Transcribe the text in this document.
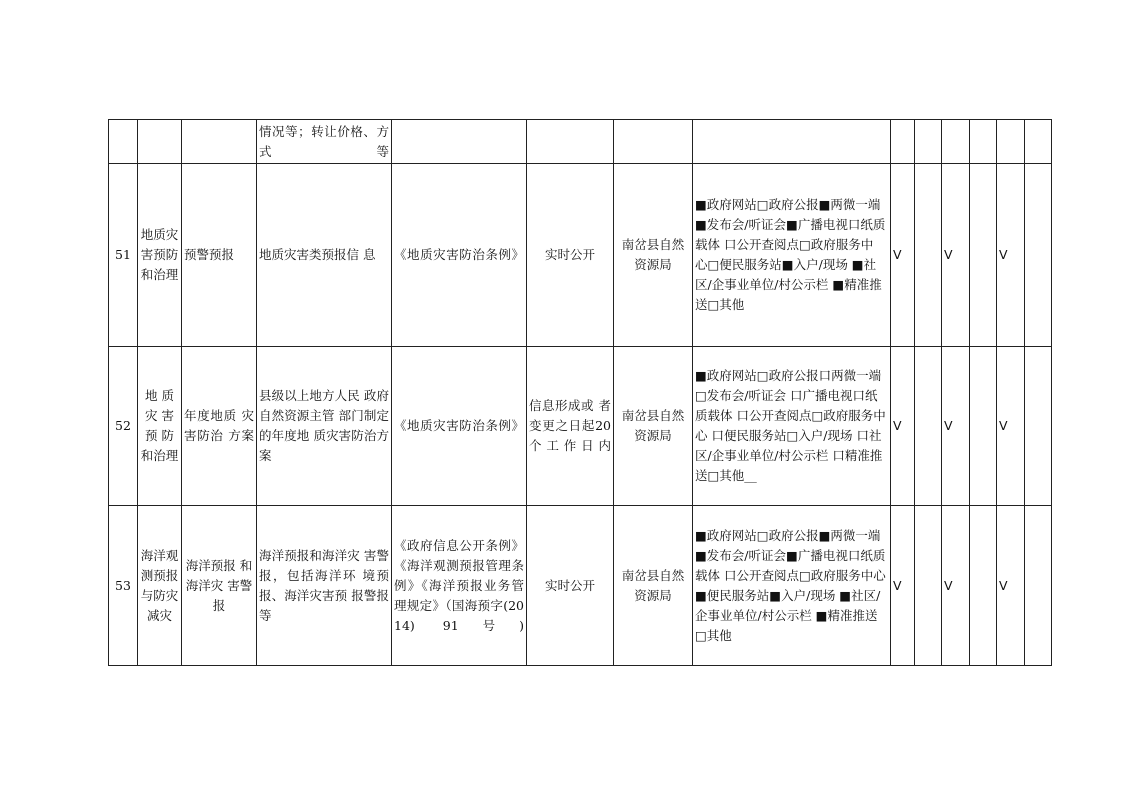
			情况等；转让价格、方式等										
51	地质灾害预防和治理	预警预报	地质灾害类预报信 息	《地质灾害防治条例》	实时公开	南岔县自然资源局	■政府网站□政府公报■两微一端■发布会/听证会■广播电视口纸质载体 口公开查阅点□政府服务中 心□便民服务站■入户/现场 ■社区/企事业单位/村公示栏 ■精准推送□其他	V		V		V	
52	地 质灾 害预 防和治理	年度地质 灾害防治 方案	县级以上地方人民 政府自然资源主管 部门制定的年度地 质灾害防治方案	《地质灾害防治条例》	信息形成或 者变更之日起20个工作日内	南岔县自然资源局	■政府网站□政府公报口两微一端□发布会/听证会 口广播电视口纸质载体 口公开查阅点□政府服务中心 口便民服务站□入户/现场 口社区/企事业单位/村公示栏 口精准推送□其他__	V		V		V	
53	海洋观测预报与防灾减灾	海洋预报 和海洋灾 害警报	海洋预报和海洋灾 害警报，包括海洋环 境预报、海洋灾害预 报警报等	《政府信息公开条例》《海洋观测预报管理条例》《海洋预报业务管理规定》（国海预字(2014) 91号)	实时公开	南岔县自然资源局	■政府网站□政府公报■两微一端■发布会/听证会■广播电视口纸质载体 口公开查阅点□政府服务中心 ■便民服务站■入户/现场 ■社区/企事业单位/村公示栏 ■精准推送□其他	V		V		V	
